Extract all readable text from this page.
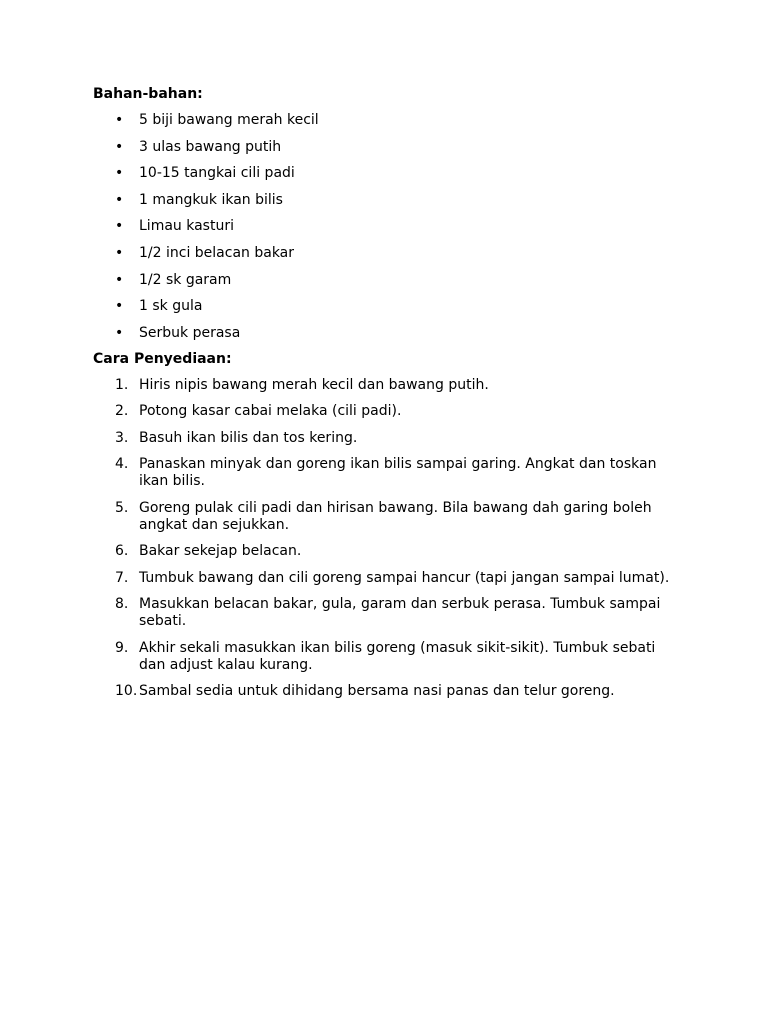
Bahan-bahan:
• 5 biji bawang merah kecil
• 3 ulas bawang putih
• 10-15 tangkai cili padi
• 1 mangkuk ikan bilis
• Limau kasturi
• 1/2 inci belacan bakar
• 1/2 sk garam
• 1 sk gula
• Serbuk perasa
Cara Penyediaan:
1. Hiris nipis bawang merah kecil dan bawang putih.
2. Potong kasar cabai melaka (cili padi).
3. Basuh ikan bilis dan tos kering.
4. Panaskan minyak dan goreng ikan bilis sampai garing. Angkat dan toskan ikan bilis.
5. Goreng pulak cili padi dan hirisan bawang. Bila bawang dah garing boleh angkat dan sejukkan.
6. Bakar sekejap belacan.
7. Tumbuk bawang dan cili goreng sampai hancur (tapi jangan sampai lumat).
8. Masukkan belacan bakar, gula, garam dan serbuk perasa. Tumbuk sampai sebati.
9. Akhir sekali masukkan ikan bilis goreng (masuk sikit-sikit). Tumbuk sebati dan adjust kalau kurang.
10. Sambal sedia untuk dihidang bersama nasi panas dan telur goreng.
